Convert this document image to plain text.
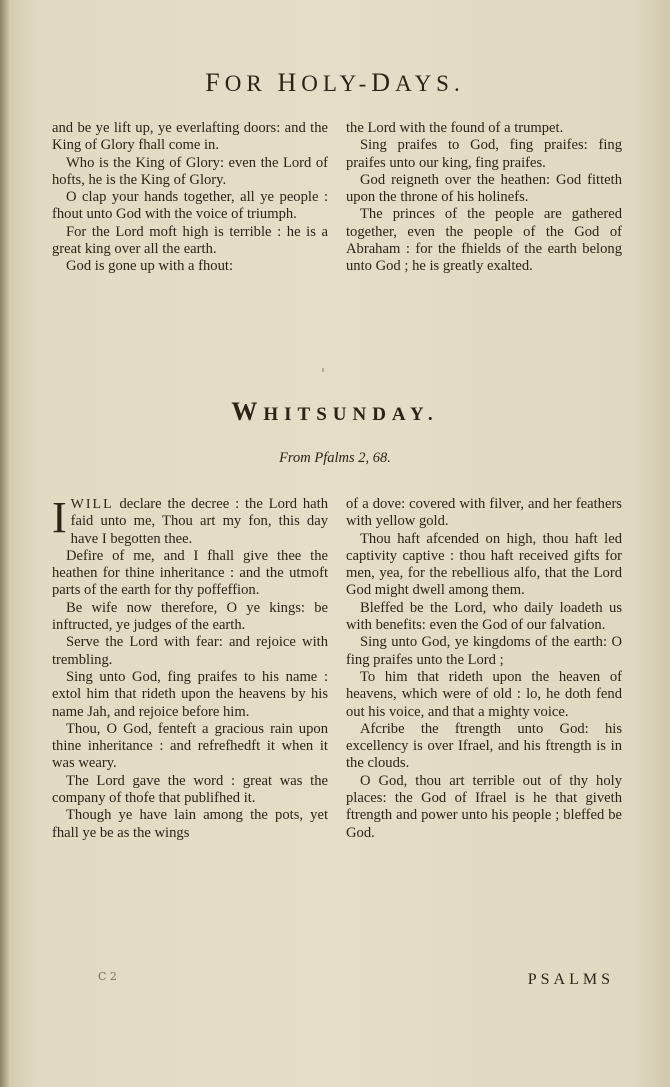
FOR HOLY-DAYS.

and be ye lift up, ye everlafting doors: and the King of Glory fhall come in.

Who is the King of Glory: even the Lord of hofts, he is the King of Glory.

O clap your hands together, all ye people : fhout unto God with the voice of triumph.

For the Lord moft high is terrible : he is a great king over all the earth.

God is gone up with a fhout:

the Lord with the found of a trumpet.

Sing praifes to God, fing praifes: fing praifes unto our king, fing praifes.

God reigneth over the heathen: God fitteth upon the throne of his holinefs.

The princes of the people are gathered together, even the people of the God of Abraham : for the fhields of the earth belong unto God ; he is greatly exalted.

WHITSUNDAY.
From Pfalms 2, 68.

IWILL declare the decree : the Lord hath faid unto me, Thou art my fon, this day have I begotten thee.

Defire of me, and I fhall give thee the heathen for thine inheritance : and the utmoft parts of the earth for thy poffeffion.

Be wife now therefore, O ye kings: be inftructed, ye judges of the earth.

Serve the Lord with fear: and rejoice with trembling.

Sing unto God, fing praifes to his name : extol him that rideth upon the heavens by his name Jah, and rejoice before him.

Thou, O God, fenteft a gracious rain upon thine inheritance : and refrefhedft it when it was weary.

The Lord gave the word : great was the company of thofe that publifhed it.

Though ye have lain among the pots, yet fhall ye be as the wings

of a dove: covered with filver, and her feathers with yellow gold.

Thou haft afcended on high, thou haft led captivity captive : thou haft received gifts for men, yea, for the rebellious alfo, that the Lord God might dwell among them.

Bleffed be the Lord, who daily loadeth us with benefits: even the God of our falvation.

Sing unto God, ye kingdoms of the earth: O fing praifes unto the Lord ;

To him that rideth upon the heaven of heavens, which were of old : lo, he doth fend out his voice, and that a mighty voice.

Afcribe the ftrength unto God: his excellency is over Ifrael, and his ftrength is in the clouds.

O God, thou art terrible out of thy holy places: the God of Ifrael is he that giveth ftrength and power unto his people ; bleffed be God.

C 2	PSALMS
